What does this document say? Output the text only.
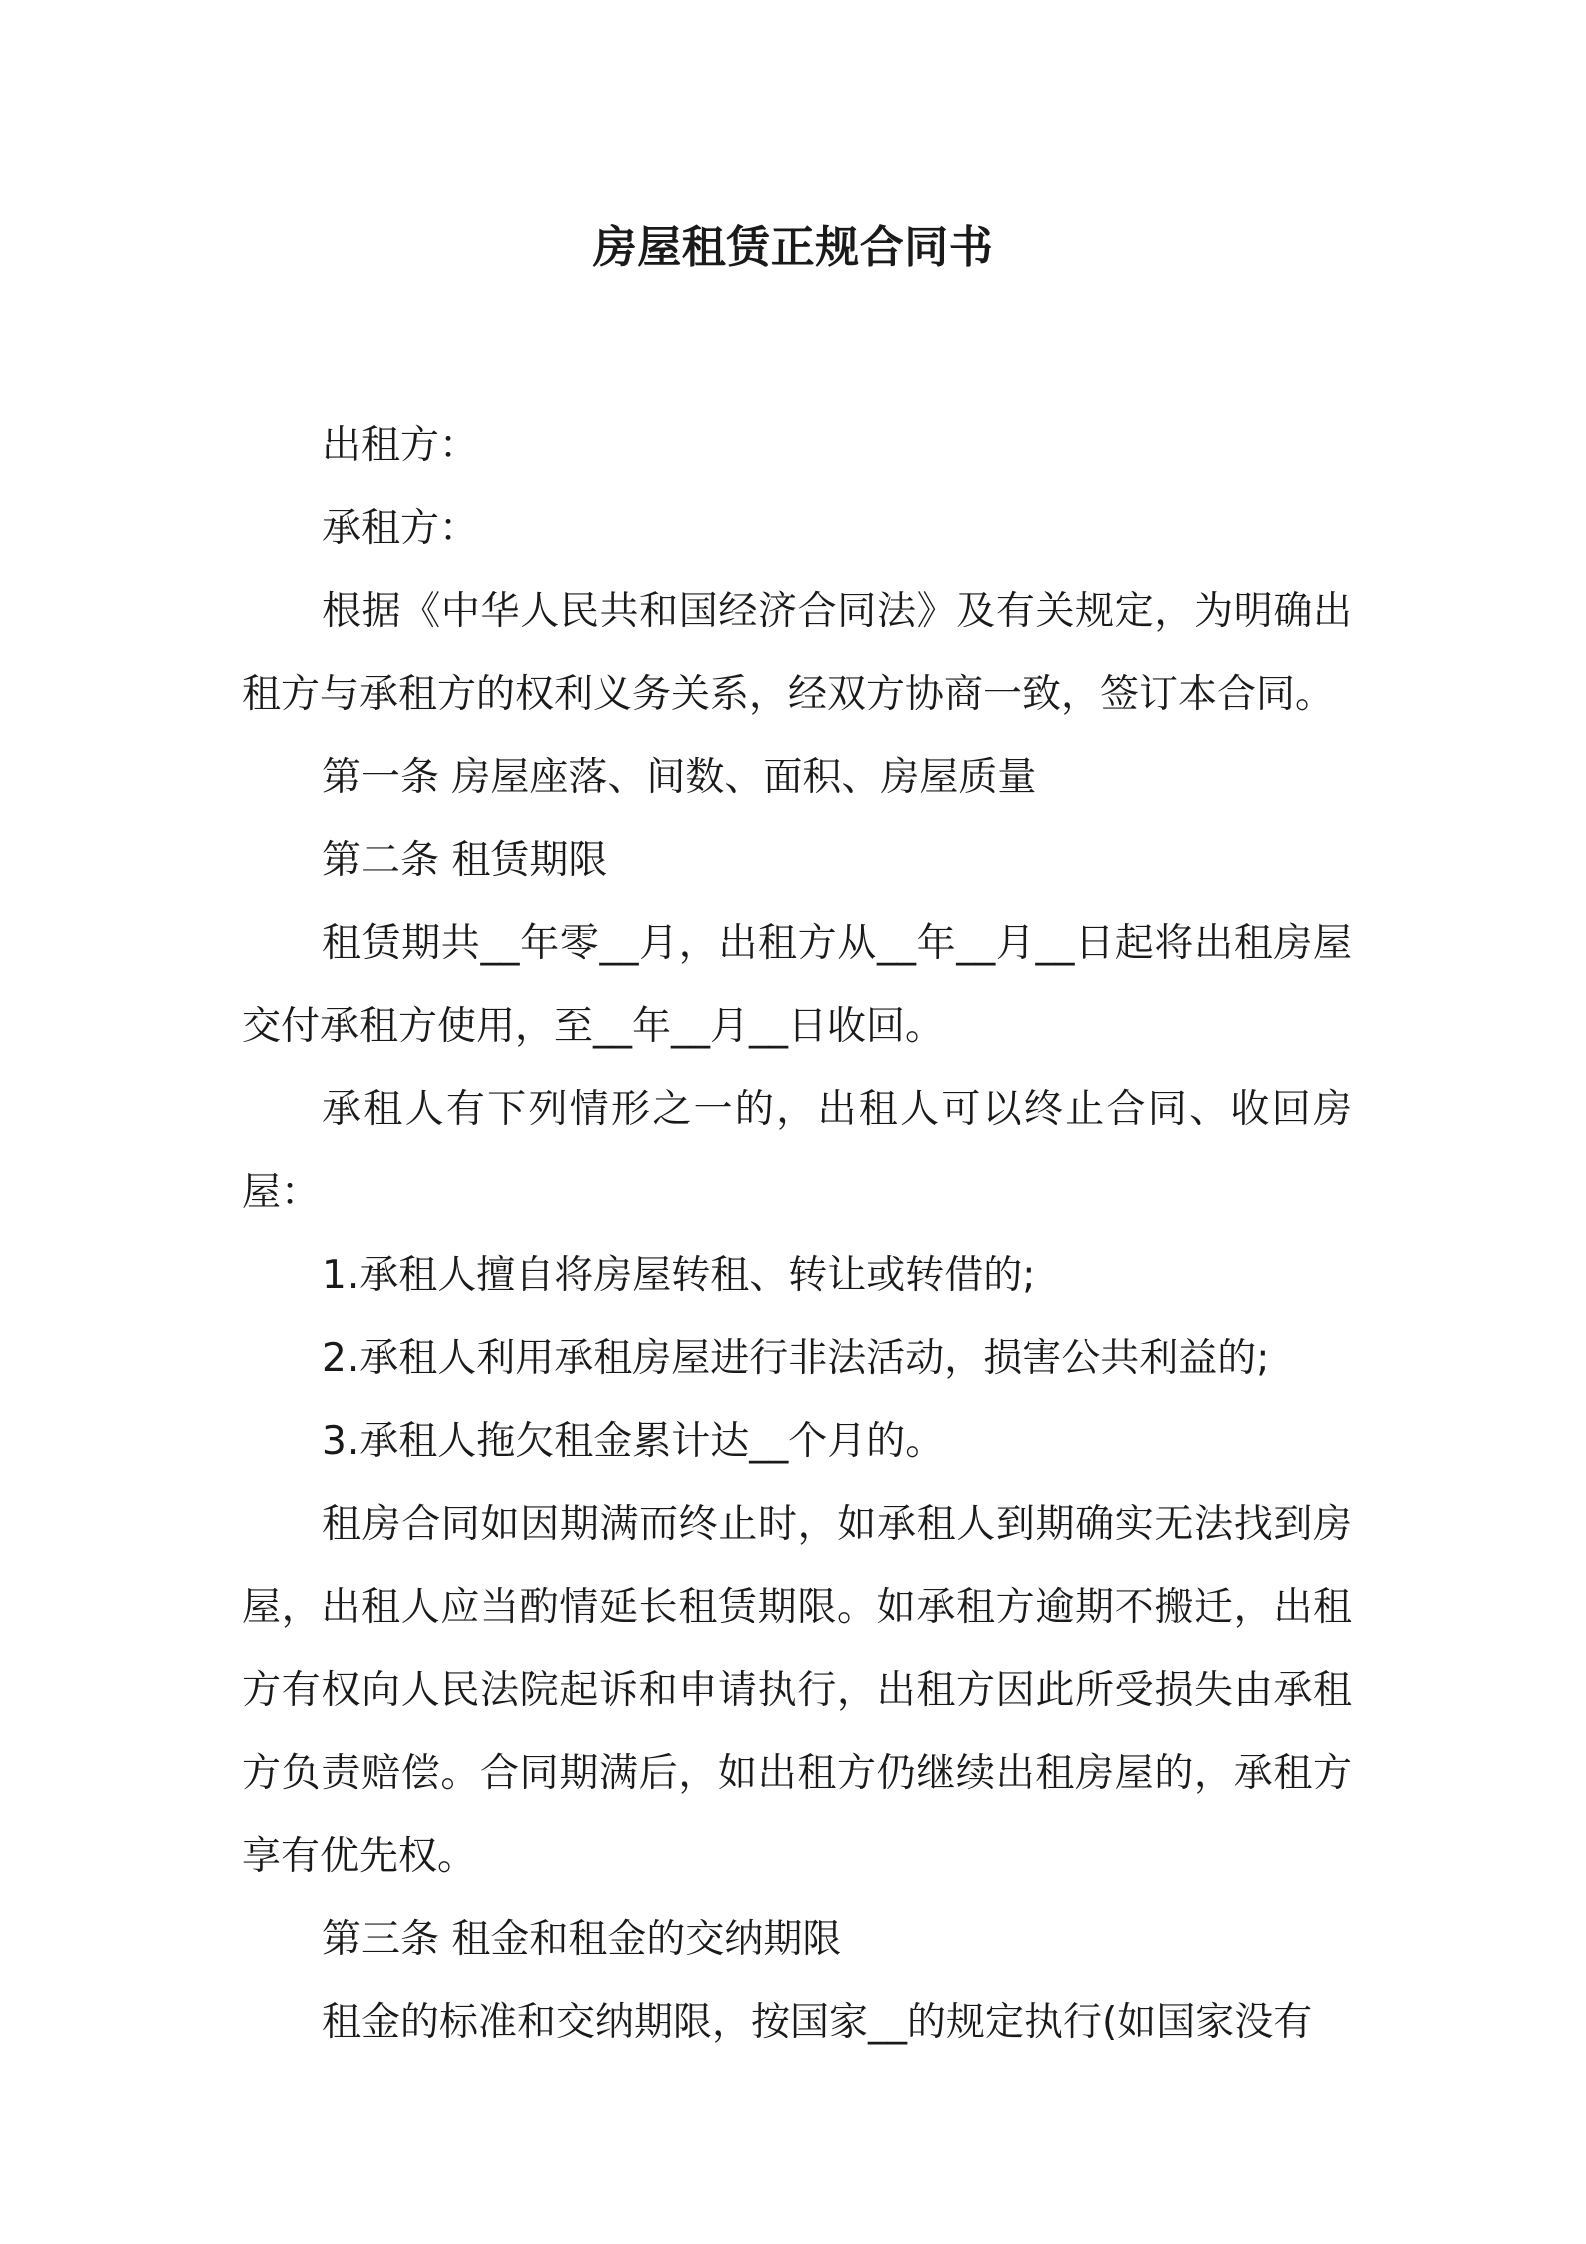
房屋租赁正规合同书

出租方：

承租方：

根据《中华人民共和国经济合同法》及有关规定，为明确出租方与承租方的权利义务关系，经双方协商一致，签订本合同。

第一条 房屋座落、间数、面积、房屋质量

第二条 租赁期限

租赁期共__年零__月，出租方从__年__月__日起将出租房屋交付承租方使用，至__年__月__日收回。

承租人有下列情形之一的，出租人可以终止合同、收回房屋：

1.承租人擅自将房屋转租、转让或转借的;

2.承租人利用承租房屋进行非法活动，损害公共利益的;

3.承租人拖欠租金累计达__个月的。

租房合同如因期满而终止时，如承租人到期确实无法找到房屋，出租人应当酌情延长租赁期限。如承租方逾期不搬迁，出租方有权向人民法院起诉和申请执行，出租方因此所受损失由承租方负责赔偿。合同期满后，如出租方仍继续出租房屋的，承租方享有优先权。

第三条 租金和租金的交纳期限

租金的标准和交纳期限，按国家__的规定执行(如国家没有
